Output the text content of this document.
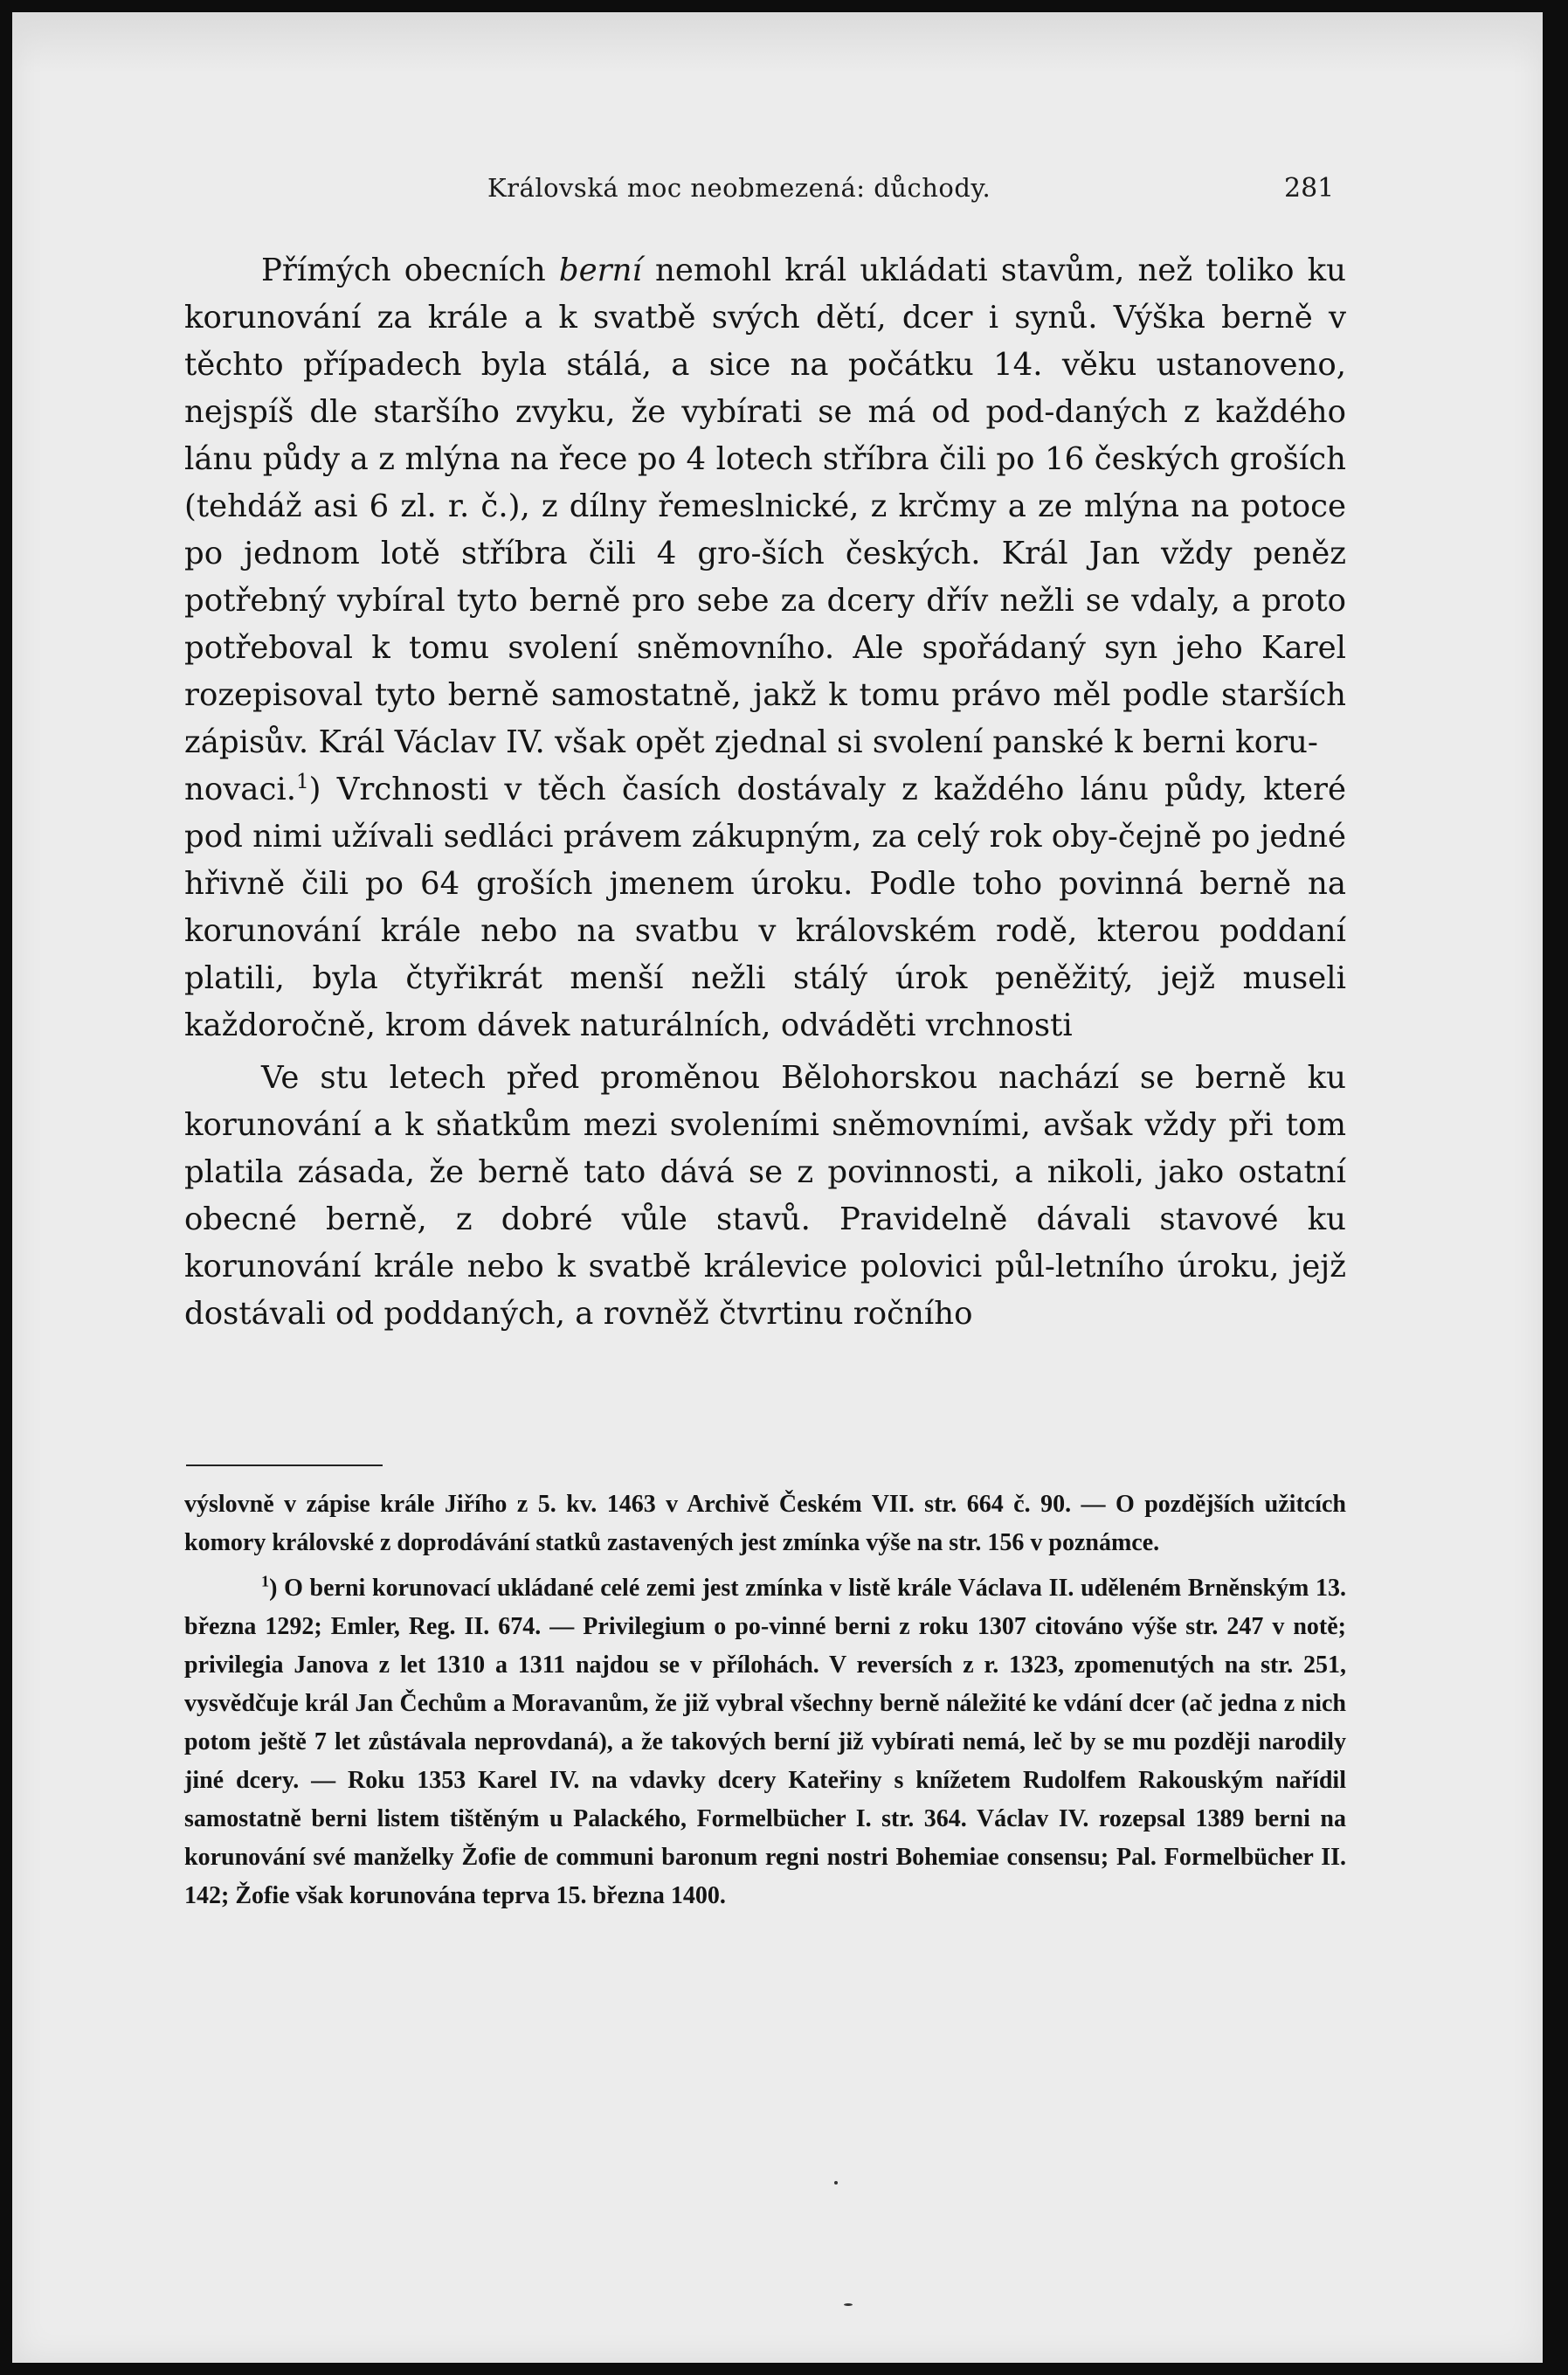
Královská moc neobmezená: důchody.	281

Přímých obecních berní nemohl král ukládati stavům, než toliko ku korunování za krále a k svatbě svých dětí, dcer i synů. Výška berně v těchto případech byla stálá, a sice na počátku 14. věku ustanoveno, nejspíš dle staršího zvyku, že vybírati se má od pod-daných z každého lánu půdy a z mlýna na řece po 4 lotech stříbra čili po 16 českých groších (tehdáž asi 6 zl. r. č.), z dílny řemeslnické, z krčmy a ze mlýna na potoce po jednom lotě stříbra čili 4 gro-ších českých. Král Jan vždy peněz potřebný vybíral tyto berně pro sebe za dcery dřív nežli se vdaly, a proto potřeboval k tomu svolení sněmovního. Ale spořádaný syn jeho Karel rozepisoval tyto berně samostatně, jakž k tomu právo měl podle starších zápisův. Král Václav IV. však opět zjednal si svolení panské k berni koru-
novaci.$^1$) Vrchnosti v těch časích dostávaly z každého lánu půdy, které pod nimi užívali sedláci právem zákupným, za celý rok oby-čejně po jedné hřivně čili po 64 groších jmenem úroku. Podle toho povinná berně na korunování krále nebo na svatbu v královském rodě, kterou poddaní platili, byla čtyřikrát menší nežli stálý úrok peněžitý, jejž museli každoročně, krom dávek naturálních, odváděti vrchnosti

Ve stu letech před proměnou Bělohorskou nachází se berně ku korunování a k sňatkům mezi svoleními sněmovními, avšak vždy při tom platila zásada, že berně tato dává se z povinnosti, a nikoli, jako ostatní obecné berně, z dobré vůle stavů. Pravidelně dávali stavové ku korunování krále nebo k svatbě králevice polovici půl-letního úroku, jejž dostávali od poddaných, a rovněž čtvrtinu ročního

výslovně v zápise krále Jiřího z 5. kv. 1463 v Archivě Českém VII. str. 664 č. 90. — O pozdějších užitcích komory královské z doprodávání statků zastavených jest zmínka výše na str. 156 v poznámce.

$^1$) O berni korunovací ukládané celé zemi jest zmínka v listě krále Václava II. uděleném Brněnským 13. března 1292; Emler, Reg. II. 674. — Privilegium o po-vinné berni z roku 1307 citováno výše str. 247 v notě; privilegia Janova z let 1310 a 1311 najdou se v přílohách. V reversích z r. 1323, zpomenutých na str. 251, vysvědčuje král Jan Čechům a Moravanům, že již vybral všechny berně náležité ke vdání dcer (ač jedna z nich potom ještě 7 let zůstávala neprovdaná), a že takových berní již vybírati nemá, leč by se mu později narodily jiné dcery. — Roku 1353 Karel IV. na vdavky dcery Kateřiny s knížetem Rudolfem Rakouským nařídil samostatně berni listem tištěným u Palackého, Formelbücher I. str. 364. Václav IV. rozepsal 1389 berni na korunování své manželky Žofie de communi baronum regni nostri Bohemiae consensu; Pal. Formelbücher II. 142; Žofie však korunována teprva 15. března 1400.
